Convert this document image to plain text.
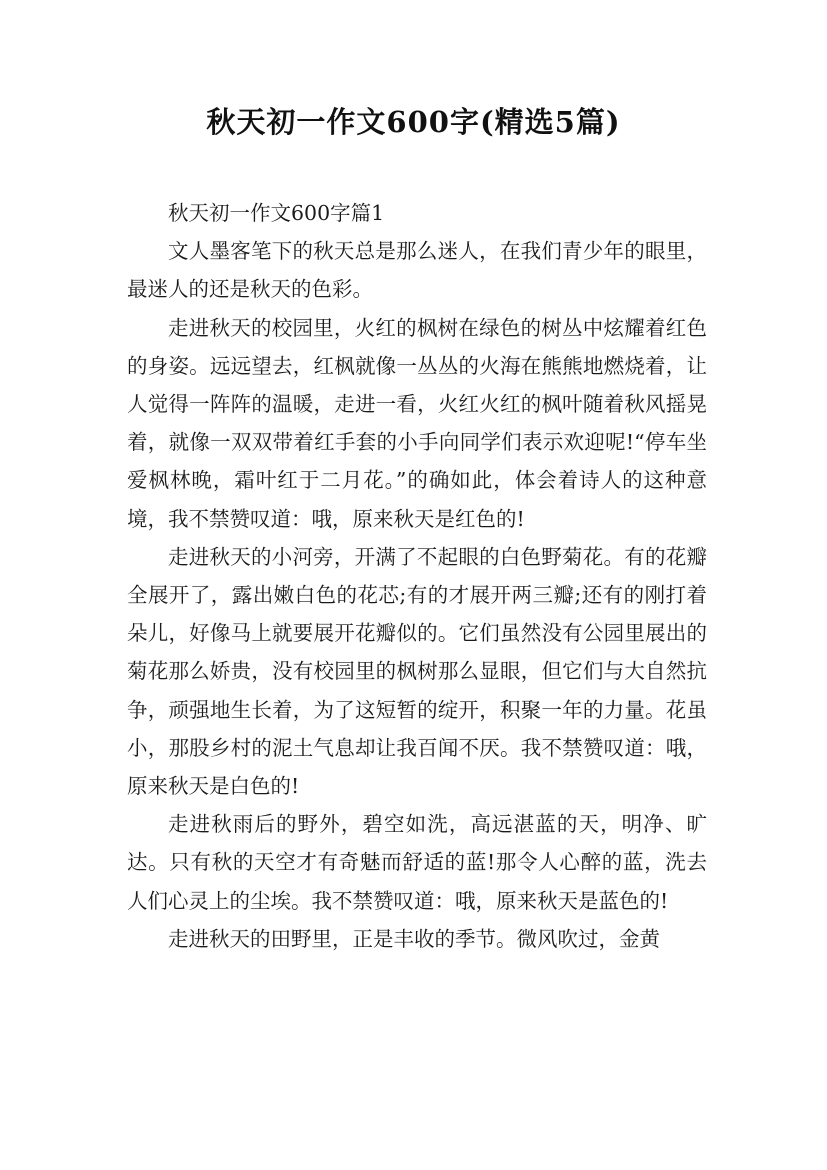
秋天初一作文600字(精选5篇)

秋天初一作文600字篇1

文人墨客笔下的秋天总是那么迷人，在我们青少年的眼里，最迷人的还是秋天的色彩。

走进秋天的校园里，火红的枫树在绿色的树丛中炫耀着红色的身姿。远远望去，红枫就像一丛丛的火海在熊熊地燃烧着，让人觉得一阵阵的温暖，走进一看，火红火红的枫叶随着秋风摇晃着，就像一双双带着红手套的小手向同学们表示欢迎呢!“停车坐爱枫林晚，霜叶红于二月花。”的确如此，体会着诗人的这种意境，我不禁赞叹道：哦，原来秋天是红色的!

走进秋天的小河旁，开满了不起眼的白色野菊花。有的花瓣全展开了，露出嫩白色的花芯;有的才展开两三瓣;还有的刚打着朵儿，好像马上就要展开花瓣似的。它们虽然没有公园里展出的菊花那么娇贵，没有校园里的枫树那么显眼，但它们与大自然抗争，顽强地生长着，为了这短暂的绽开，积聚一年的力量。花虽小，那股乡村的泥土气息却让我百闻不厌。我不禁赞叹道：哦，原来秋天是白色的!

走进秋雨后的野外，碧空如洗，高远湛蓝的天，明净、旷达。只有秋的天空才有奇魅而舒适的蓝!那令人心醉的蓝，洗去人们心灵上的尘埃。我不禁赞叹道：哦，原来秋天是蓝色的!

走进秋天的田野里，正是丰收的季节。微风吹过，金黄
